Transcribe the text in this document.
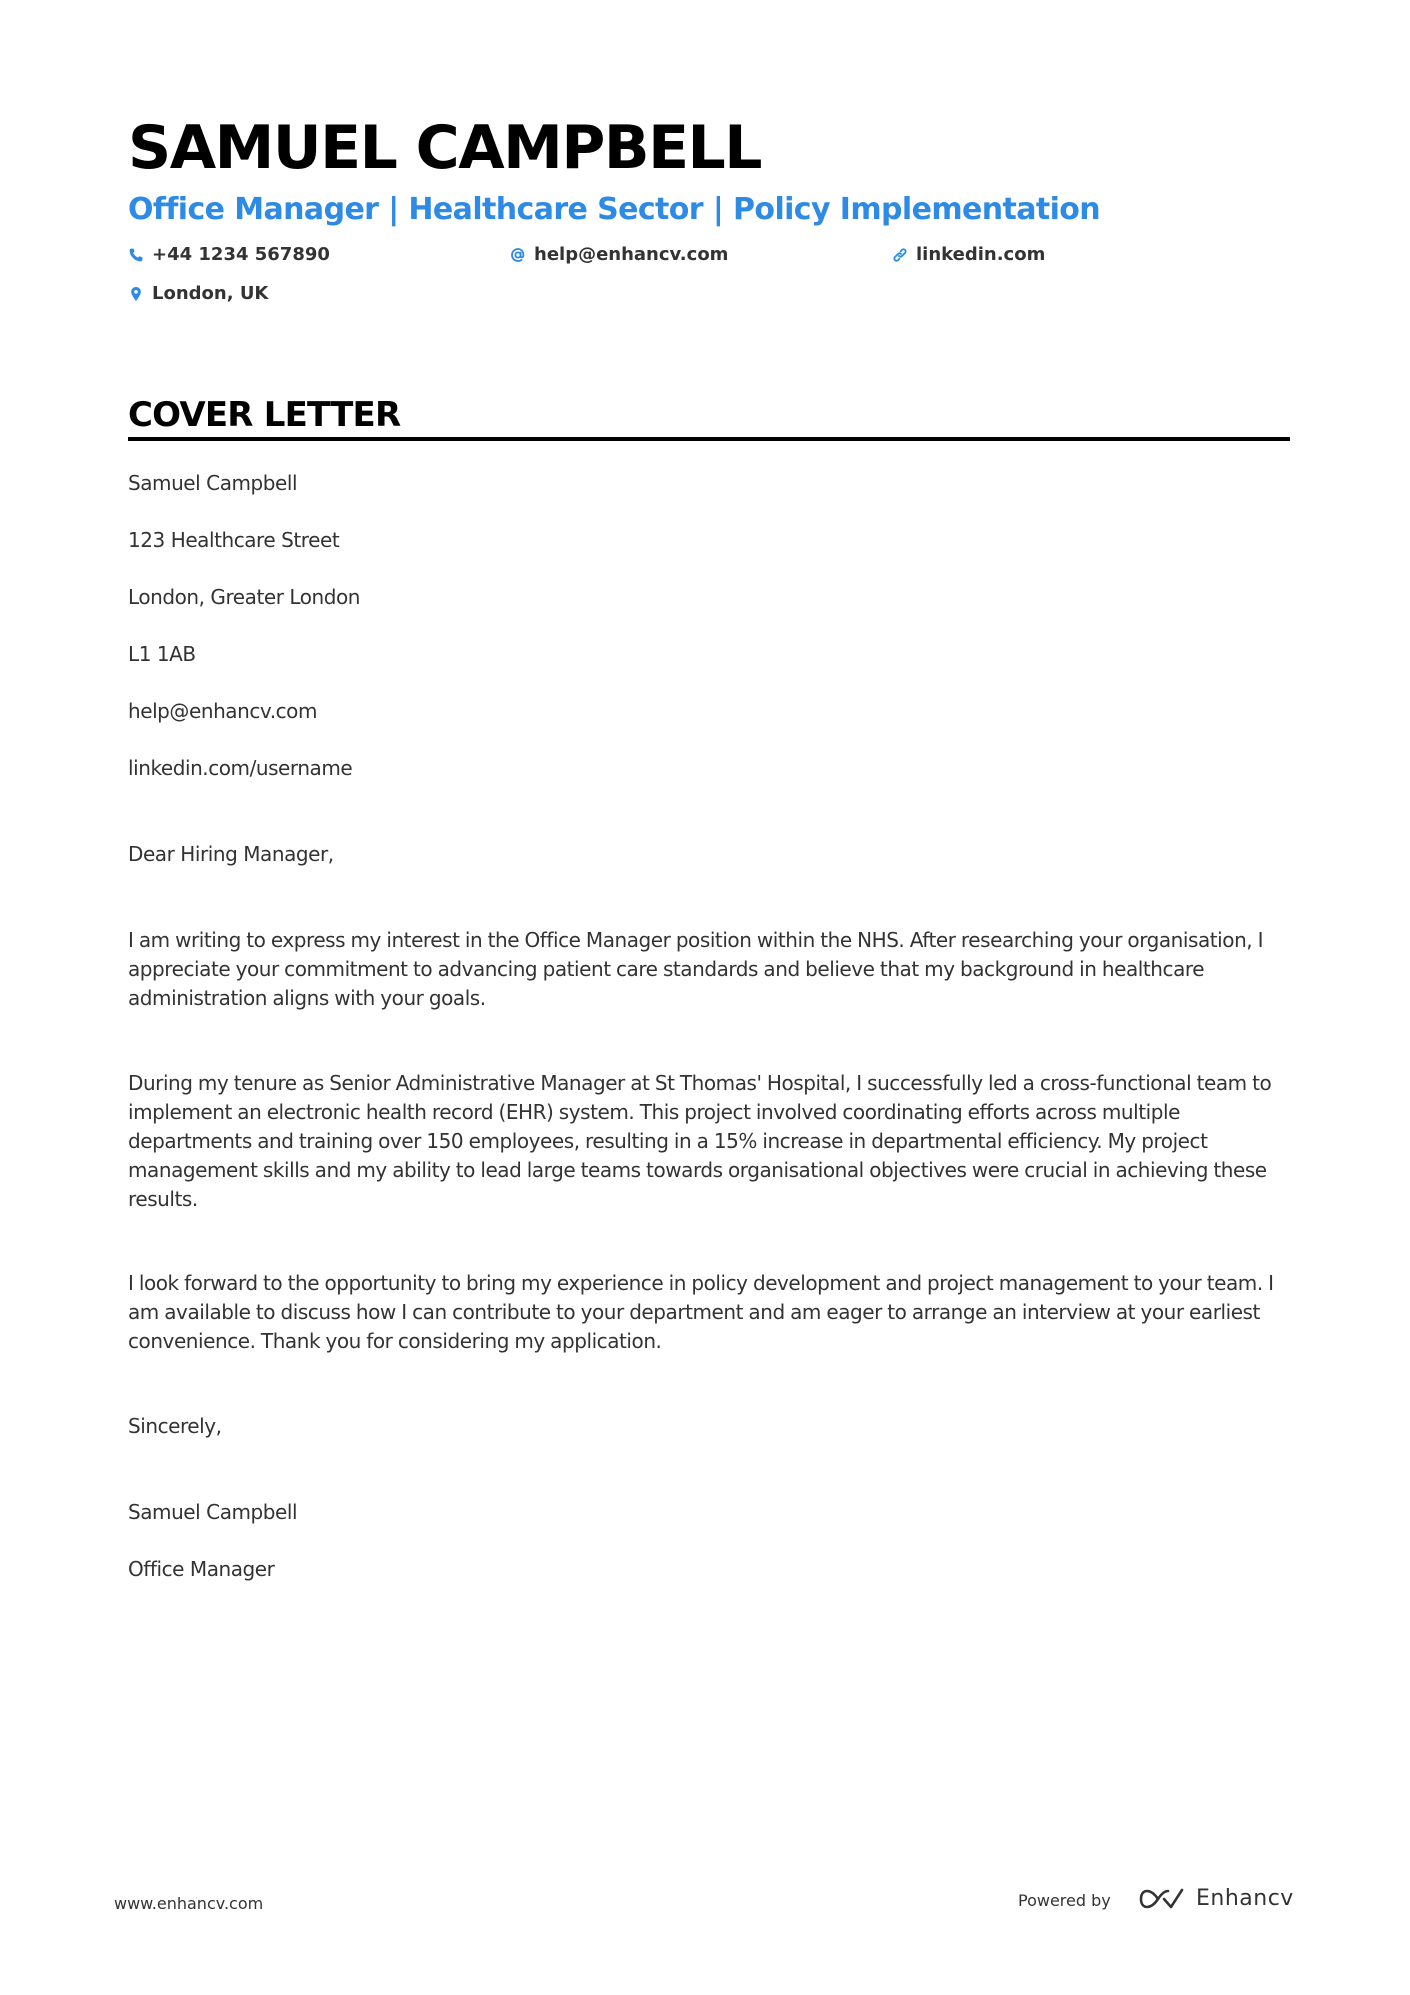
SAMUEL CAMPBELL
Office Manager | Healthcare Sector | Policy Implementation
+44 1234 567890	help@enhancv.com	linkedin.com
London, UK
COVER LETTER
Samuel Campbell
123 Healthcare Street
London, Greater London
L1 1AB
help@enhancv.com
linkedin.com/username
Dear Hiring Manager,
I am writing to express my interest in the Office Manager position within the NHS. After researching your organisation, I appreciate your commitment to advancing patient care standards and believe that my background in healthcare administration aligns with your goals.
During my tenure as Senior Administrative Manager at St Thomas' Hospital, I successfully led a cross-functional team to implement an electronic health record (EHR) system. This project involved coordinating efforts across multiple departments and training over 150 employees, resulting in a 15% increase in departmental efficiency. My project management skills and my ability to lead large teams towards organisational objectives were crucial in achieving these results.
I look forward to the opportunity to bring my experience in policy development and project management to your team. I am available to discuss how I can contribute to your department and am eager to arrange an interview at your earliest convenience. Thank you for considering my application.
Sincerely,
Samuel Campbell
Office Manager
www.enhancv.com	Powered by	Enhancv
